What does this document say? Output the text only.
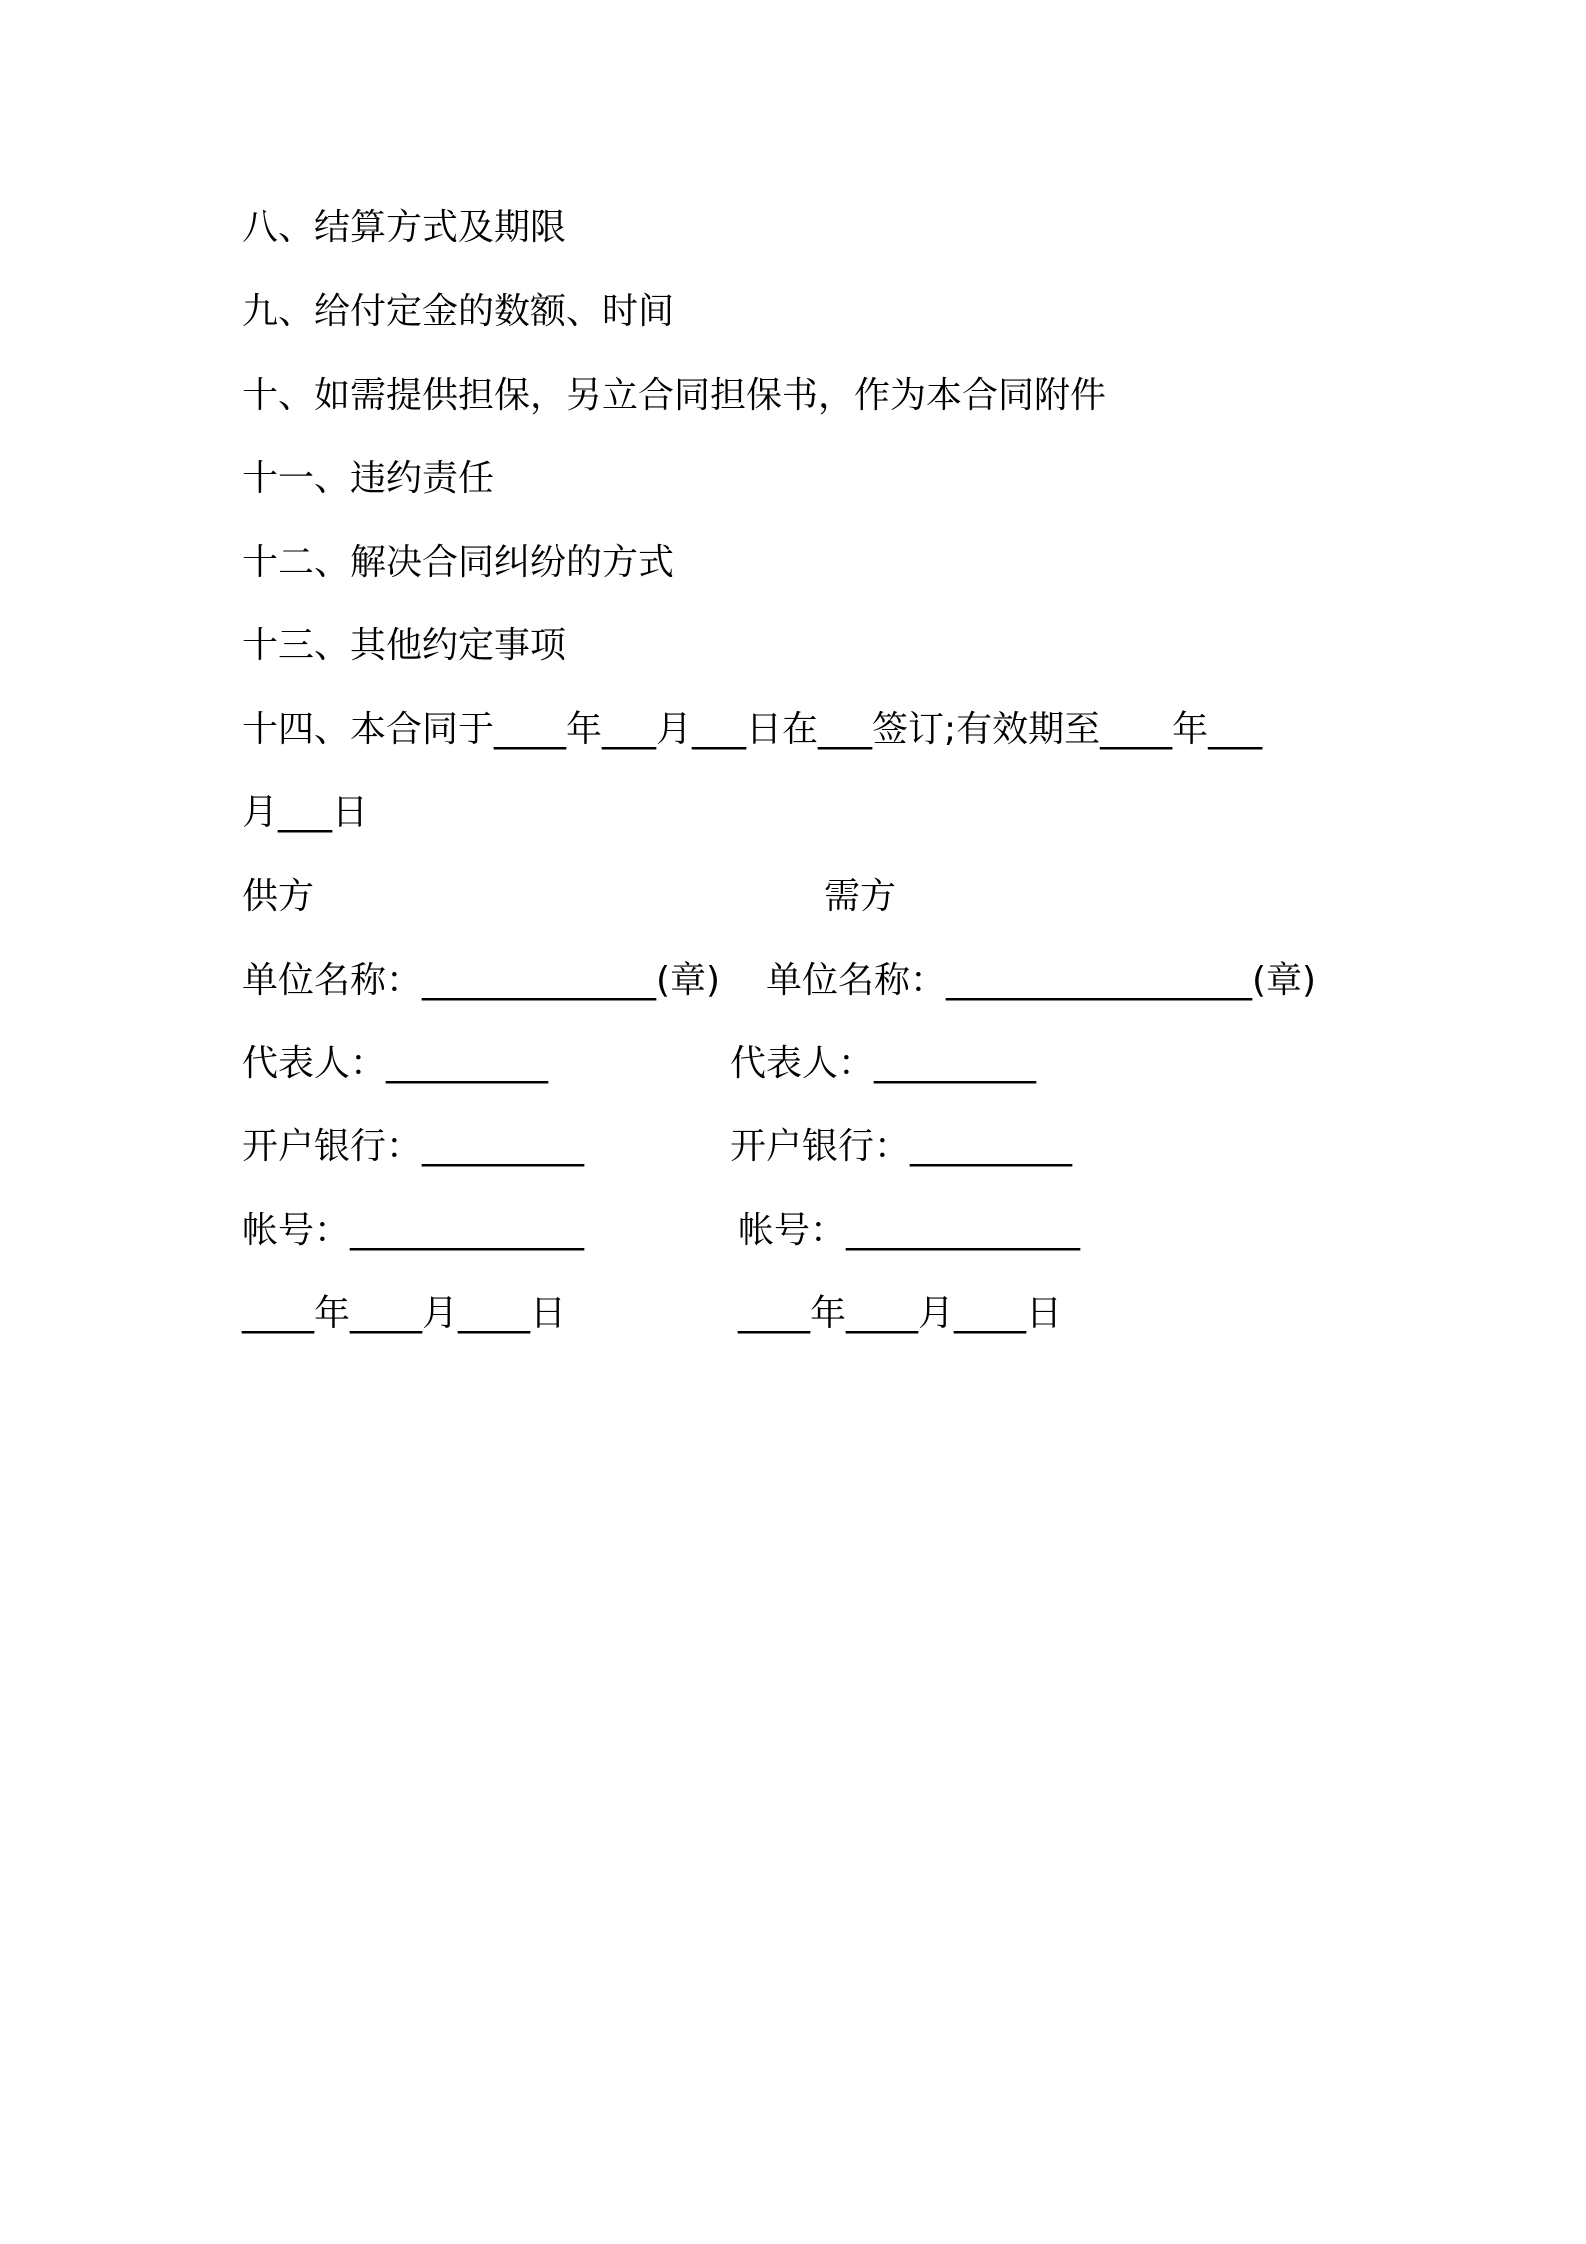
八、结算方式及期限
九、给付定金的数额、时间
十、如需提供担保，另立合同担保书，作为本合同附件
十一、违约责任
十二、解决合同纠纷的方式
十三、其他约定事项
十四、本合同于____年___月___日在___签订;有效期至____年___
月___日
供方	需方
单位名称：_____________(章) 单位名称：_________________(章)
代表人：_________	代表人：_________
开户银行：_________	开户银行：_________
帐号：_____________	帐号：_____________
____年____月____日	____年____月____日
